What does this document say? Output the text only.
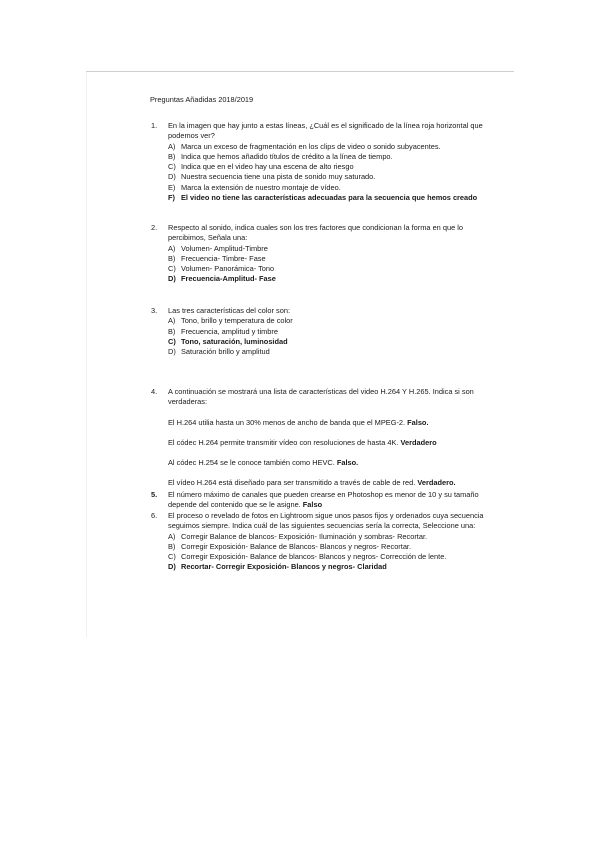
Preguntas Añadidas 2018/2019
1.	En la imagen que hay junto a estas líneas, ¿Cuál es el significado de la línea roja horizontal que podemos ver?
A) Marca un exceso de fragmentación en los clips de video o sonido subyacentes.
B) Indica que hemos añadido títulos de crédito a la línea de tiempo.
C) Indica que en el video hay una escena de alto riesgo
D) Nuestra secuencia tiene una pista de sonido muy saturado.
E) Marca la extensión de nuestro montaje de vídeo.
F) El video no tiene las características adecuadas para la secuencia que hemos creado
2.	Respecto al sonido, indica cuales son los tres factores que condicionan la forma en que lo percibimos, Señala una:
A) Volumen- Amplitud-Timbre
B) Frecuencia- Timbre- Fase
C) Volumen- Panorámica- Tono
D) Frecuencia-Amplitud- Fase
3.	Las tres características del color son:
A) Tono, brillo y temperatura de color
B) Frecuencia, amplitud y timbre
C) Tono, saturación, luminosidad
D) Saturación brillo y amplitud
4.	A continuación se mostrará una lista de características del video H.264 Y H.265. Indica si son verdaderas:
El H.264 utilia hasta un 30% menos de ancho de banda que el MPEG-2. Falso.
El códec H.264 permite transmitir vídeo con resoluciones de hasta 4K. Verdadero
Al códec H.254 se le conoce también como HEVC. Falso.
El vídeo H.264 está diseñado para ser transmitido a través de cable de red. Verdadero.
5.	El número máximo de canales que pueden crearse en Photoshop es menor de 10 y su tamaño depende del contenido que se le asigne. Falso
6.	El proceso o revelado de fotos en Lightroom sigue unos pasos fijos y ordenados cuya secuencia seguimos siempre. Indica cuál de las siguientes secuencias sería la correcta, Seleccione una:
A) Corregir Balance de blancos- Exposición- Iluminación y sombras- Recortar.
B) Corregir Exposición- Balance de Blancos- Blancos y negros- Recortar.
C) Corregir Exposición- Balance de blancos- Blancos y negros- Corrección de lente.
D) Recortar- Corregir Exposición- Blancos y negros- Claridad
